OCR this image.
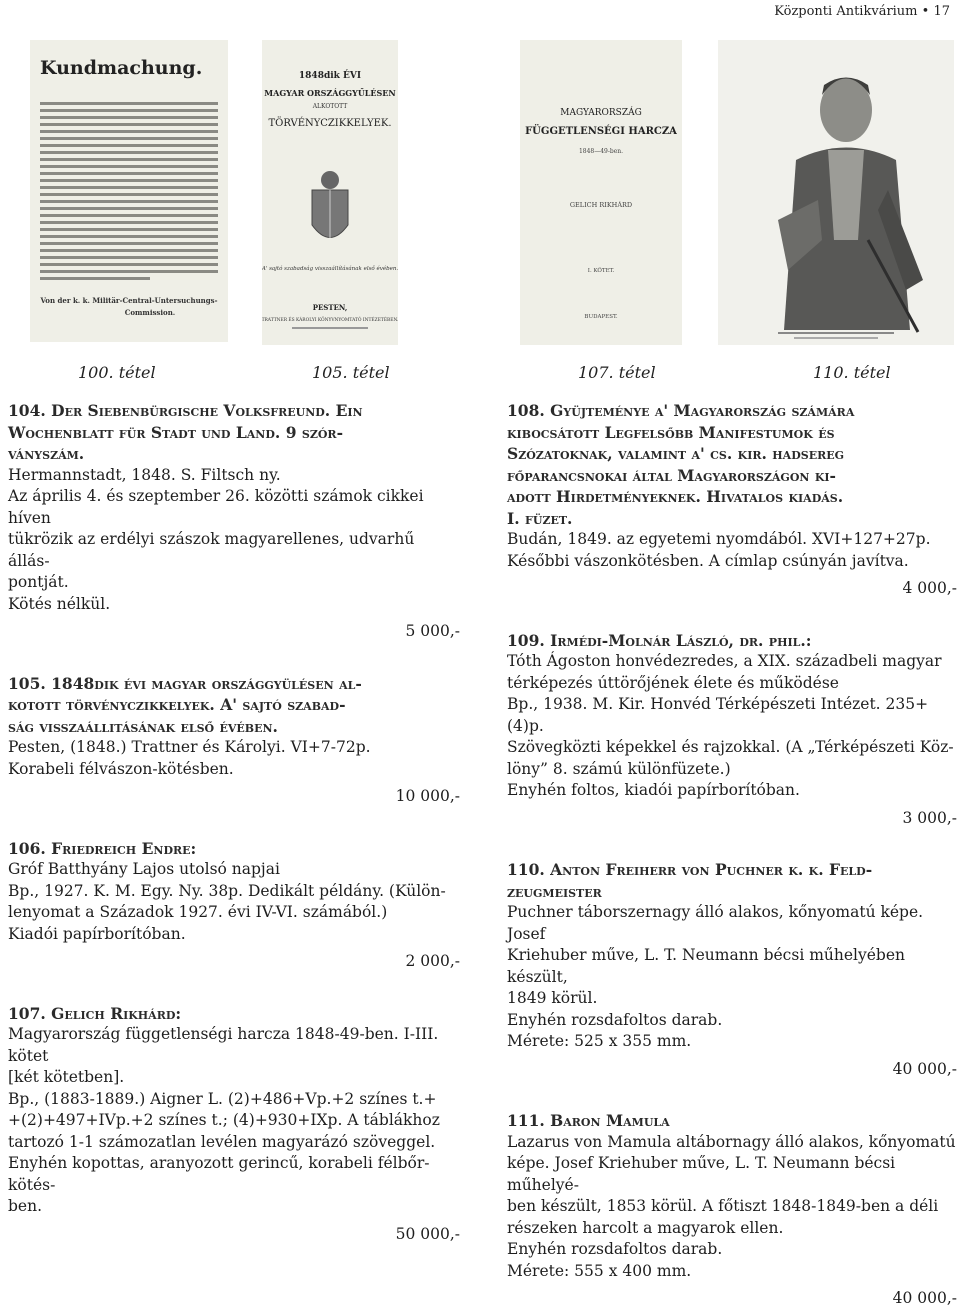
Központi Antikvárium • 17
Kundmachung.
Von der k. k. Militär-Central-Untersuchungs-
Commission.
1848dik ÉVI
MAGYAR ORSZÁGGYŰLÉSEN
ALKOTOTT
TÖRVÉNYCZIKKELYEK.
A' sajtó szabadság visszaállításának első évében.
PESTEN,
TRATTNER ÉS KÁROLYI KÖNYVNYOMTATÓ INTÉZETÉBEN.
MAGYARORSZÁG
FÜGGETLENSÉGI HARCZA
1848—49-ben.
GELICH RIKHÁRD
I. KÖTET.
BUDAPEST.
100. tétel	105. tétel	107. tétel	110. tétel

104. Der Siebenbürgische Volksfreund. Ein

Wochenblatt für Stadt und Land. 9 szór-

ványszám.

Hermannstadt, 1848. S. Filtsch ny.

Az április 4. és szeptember 26. közötti számok cikkei híven

tükrözik az erdélyi szászok magyarellenes, udvarhű állás-

pontját.

Kötés nélkül.

5 000,-

105. 1848dik évi magyar országgyülésen al-

kotott törvényczikkelyek. A' sajtó szabad-

ság visszaállitásának első évében.

Pesten, (1848.) Trattner és Károlyi. VI+7-72p.

Korabeli félvászon-kötésben.

10 000,-

106. Friedreich Endre:

Gróf Batthyány Lajos utolsó napjai

Bp., 1927. K. M. Egy. Ny. 38p. Dedikált példány. (Külön-

lenyomat a Századok 1927. évi IV-VI. számából.)

Kiadói papírborítóban.

2 000,-

107. Gelich Rikhárd:

Magyarország függetlenségi harcza 1848-49-ben. I-III. kötet

[két kötetben].

Bp., (1883-1889.) Aigner L. (2)+486+Vp.+2 színes t.+

+(2)+497+IVp.+2 színes t.; (4)+930+IXp. A táblákhoz

tartozó 1-1 számozatlan levélen magyarázó szöveggel.

Enyhén kopottas, aranyozott gerincű, korabeli félbőr-kötés-

ben.

50 000,-

108. Gyüjteménye a' Magyarország számára

kibocsátott Legfelsőbb Manifestumok és

Szózatoknak, valamint a' cs. kir. hadsereg

főparancsnokai által Magyarországon ki-

adott Hirdetményeknek. Hivatalos kiadás.

I. füzet.

Budán, 1849. az egyetemi nyomdából. XVI+127+27p.

Későbbi vászonkötésben. A címlap csúnyán javítva.

4 000,-

109. Irmédi-Molnár László, dr. phil.:

Tóth Ágoston honvédezredes, a XIX. századbeli magyar

térképezés úttörőjének élete és működése

Bp., 1938. M. Kir. Honvéd Térképészeti Intézet. 235+(4)p.

Szövegközti képekkel és rajzokkal. (A „Térképészeti Köz-

löny” 8. számú különfüzete.)

Enyhén foltos, kiadói papírborítóban.

3 000,-

110. Anton Freiherr von Puchner k. k. Feld-

zeugmeister

Puchner táborszernagy álló alakos, kőnyomatú képe. Josef

Kriehuber műve, L. T. Neumann bécsi műhelyében készült,

1849 körül.

Enyhén rozsdafoltos darab.

Mérete: 525 x 355 mm.

40 000,-

111. Baron Mamula

Lazarus von Mamula altábornagy álló alakos, kőnyomatú

képe. Josef Kriehuber műve, L. T. Neumann bécsi műhelyé-

ben készült, 1853 körül. A főtiszt 1848-1849-ben a déli

részeken harcolt a magyarok ellen.

Enyhén rozsdafoltos darab.

Mérete: 555 x 400 mm.

40 000,-
